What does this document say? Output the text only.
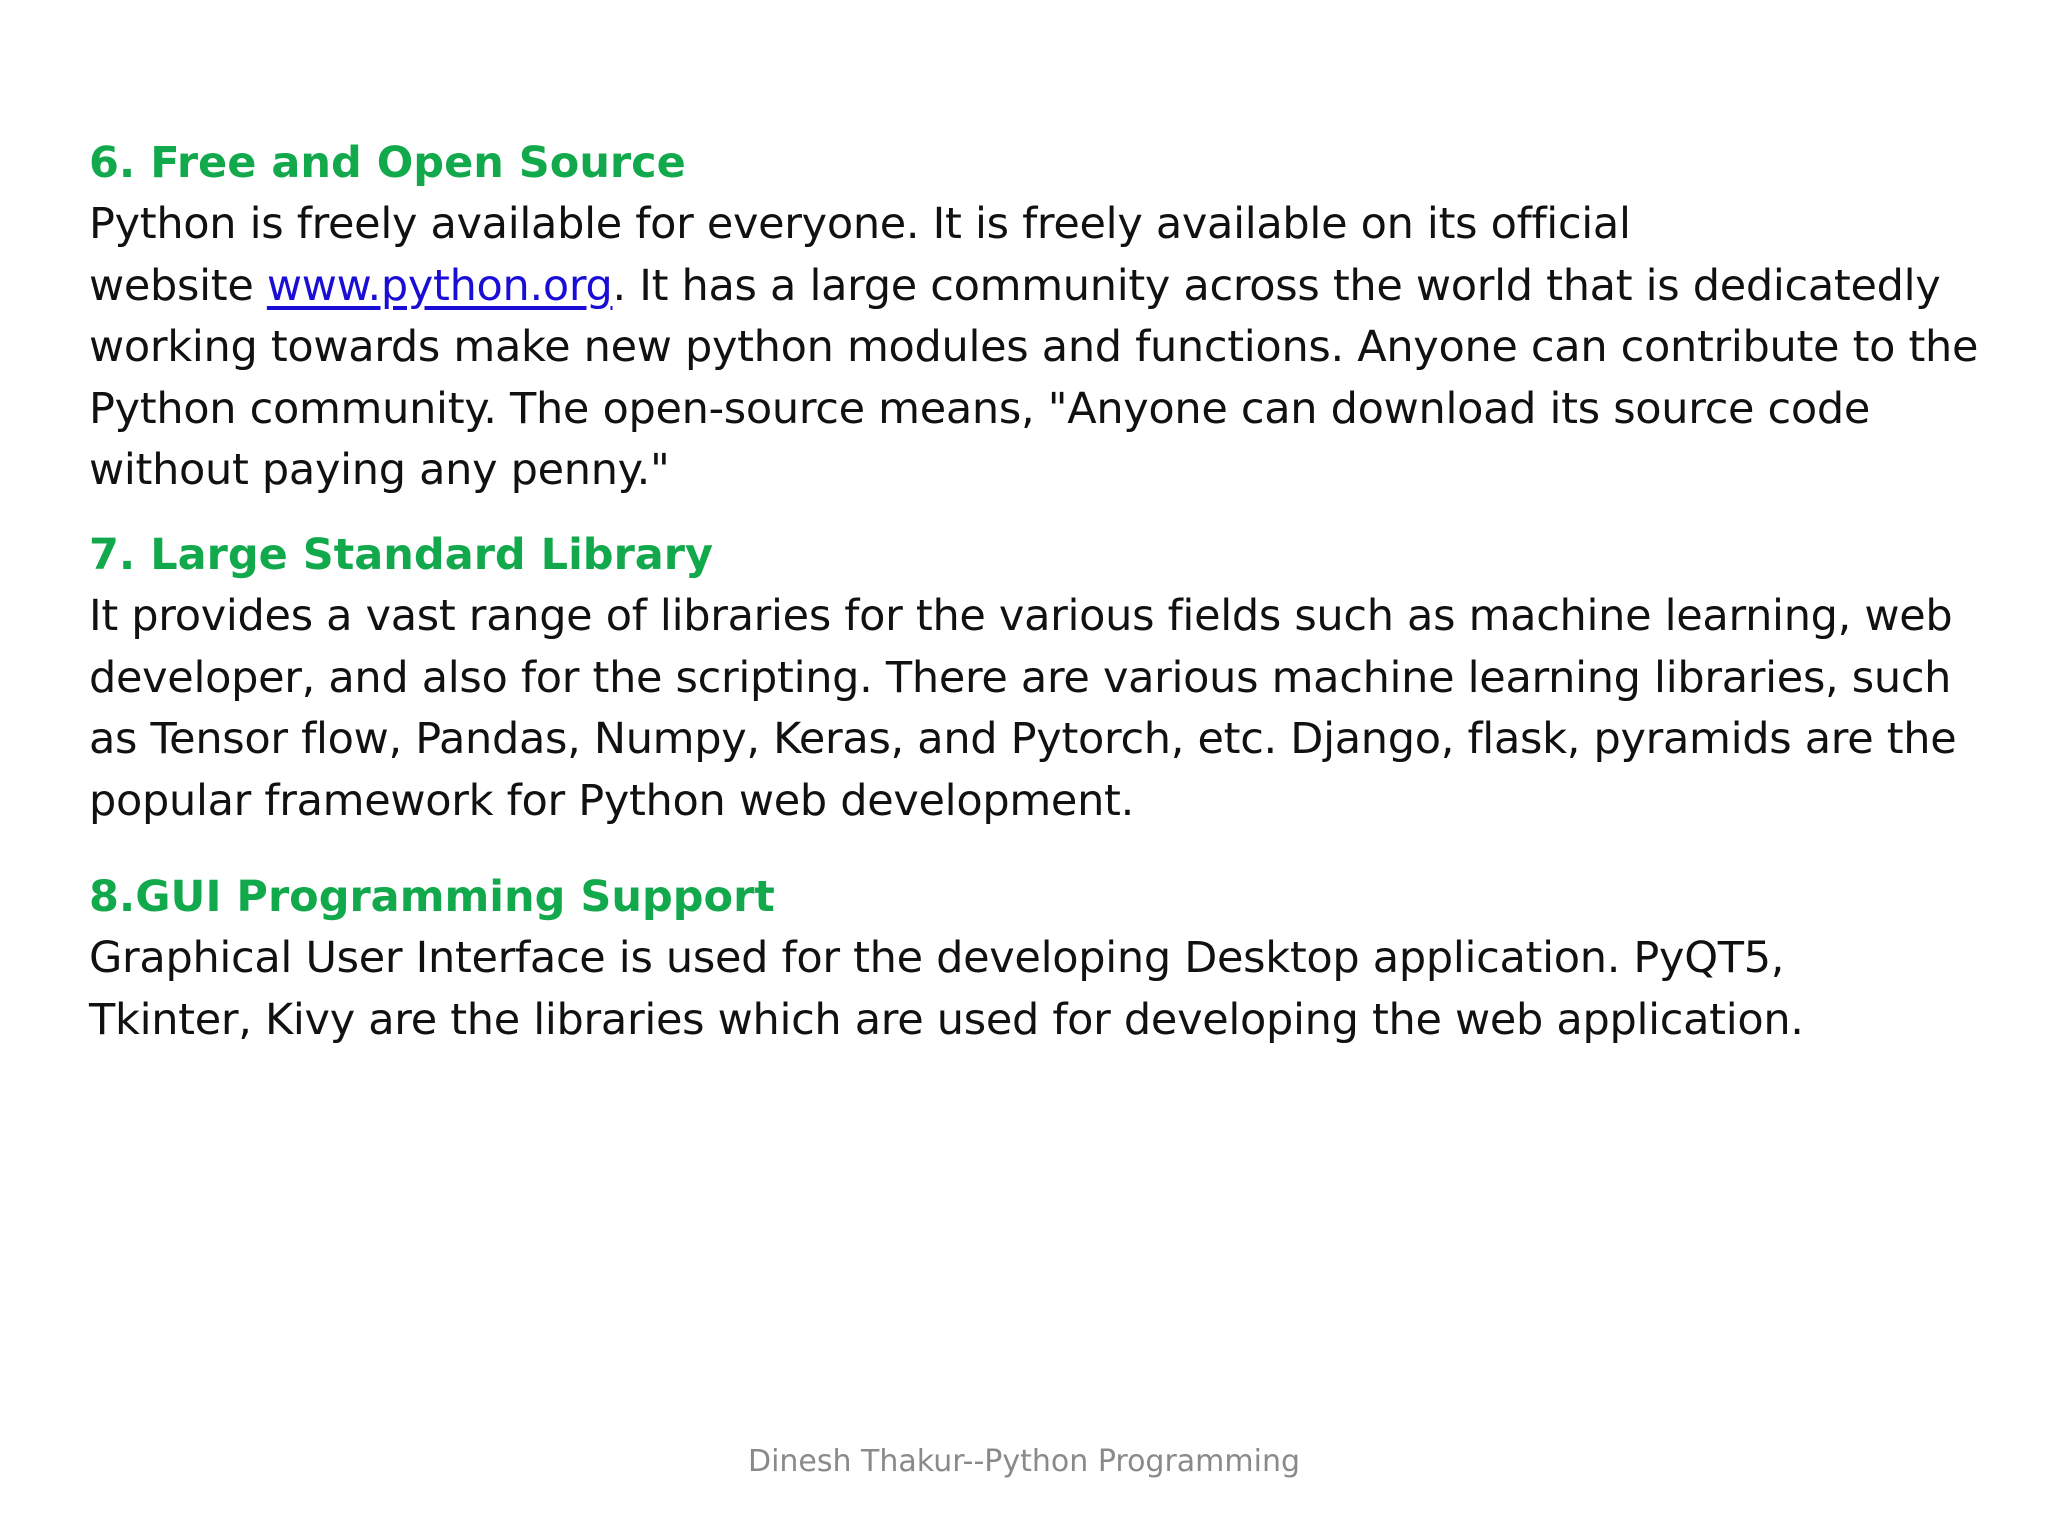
6. Free and Open Source

Python is freely available for everyone. It is freely available on its official
website www.python.org. It has a large community across the world that is dedicatedly
working towards make new python modules and functions. Anyone can contribute to the
Python community. The open-source means, "Anyone can download its source code
without paying any penny."

7. Large Standard Library

It provides a vast range of libraries for the various fields such as machine learning, web
developer, and also for the scripting. There are various machine learning libraries, such
as Tensor flow, Pandas, Numpy, Keras, and Pytorch, etc. Django, flask, pyramids are the
popular framework for Python web development.

8.GUI Programming Support

Graphical User Interface is used for the developing Desktop application. PyQT5,
Tkinter, Kivy are the libraries which are used for developing the web application.

Dinesh Thakur--Python Programming
